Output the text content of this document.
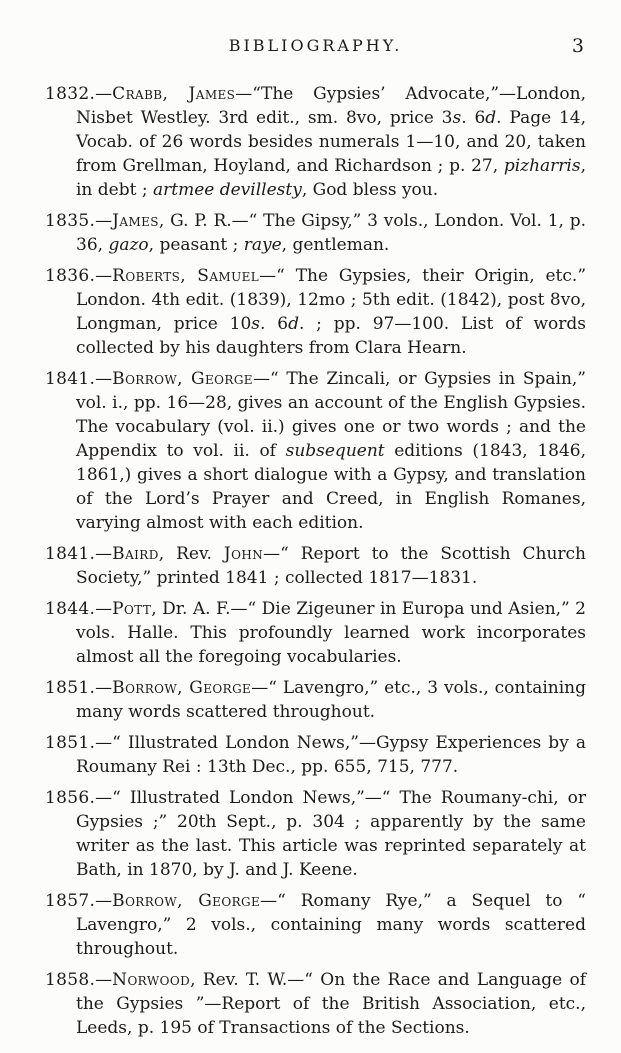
BIBLIOGRAPHY.	3

1832.—Crabb, James—“The Gypsies’ Advocate,”—London, Nisbet Westley. 3rd edit., sm. 8vo, price 3s. 6d. Page 14, Vocab. of 26 words besides numerals 1—10, and 20, taken from Grellman, Hoyland, and Richardson ; p. 27, pizharris, in debt ; artmee devillesty, God bless you.

1835.—James, G. P. R.—“ The Gipsy,” 3 vols., London. Vol. 1, p. 36, gazo, peasant ; raye, gentleman.

1836.—Roberts, Samuel—“ The Gypsies, their Origin, etc.” London. 4th edit. (1839), 12mo ; 5th edit. (1842), post 8vo, Longman, price 10s. 6d. ; pp. 97—100. List of words collected by his daughters from Clara Hearn.

1841.—Borrow, George—“ The Zincali, or Gypsies in Spain,” vol. i., pp. 16—28, gives an account of the English Gypsies. The vocabulary (vol. ii.) gives one or two words ; and the Appendix to vol. ii. of subsequent editions (1843, 1846, 1861,) gives a short dialogue with a Gypsy, and translation of the Lord’s Prayer and Creed, in English Romanes, varying almost with each edition.

1841.—Baird, Rev. John—“ Report to the Scottish Church Society,” printed 1841 ; collected 1817—1831.

1844.—Pott, Dr. A. F.—“ Die Zigeuner in Europa und Asien,” 2 vols. Halle. This profoundly learned work incorporates almost all the foregoing vocabularies.

1851.—Borrow, George—“ Lavengro,” etc., 3 vols., containing many words scattered throughout.

1851.—“ Illustrated London News,”—Gypsy Experiences by a Roumany Rei : 13th Dec., pp. 655, 715, 777.

1856.—“ Illustrated London News,”—“ The Roumany-chi, or Gypsies ;” 20th Sept., p. 304 ; apparently by the same writer as the last. This article was reprinted separately at Bath, in 1870, by J. and J. Keene.

1857.—Borrow, George—“ Romany Rye,” a Sequel to “ Lavengro,” 2 vols., containing many words scattered throughout.

1858.—Norwood, Rev. T. W.—“ On the Race and Language of the Gypsies ”—Report of the British Association, etc., Leeds, p. 195 of Transactions of the Sections.
